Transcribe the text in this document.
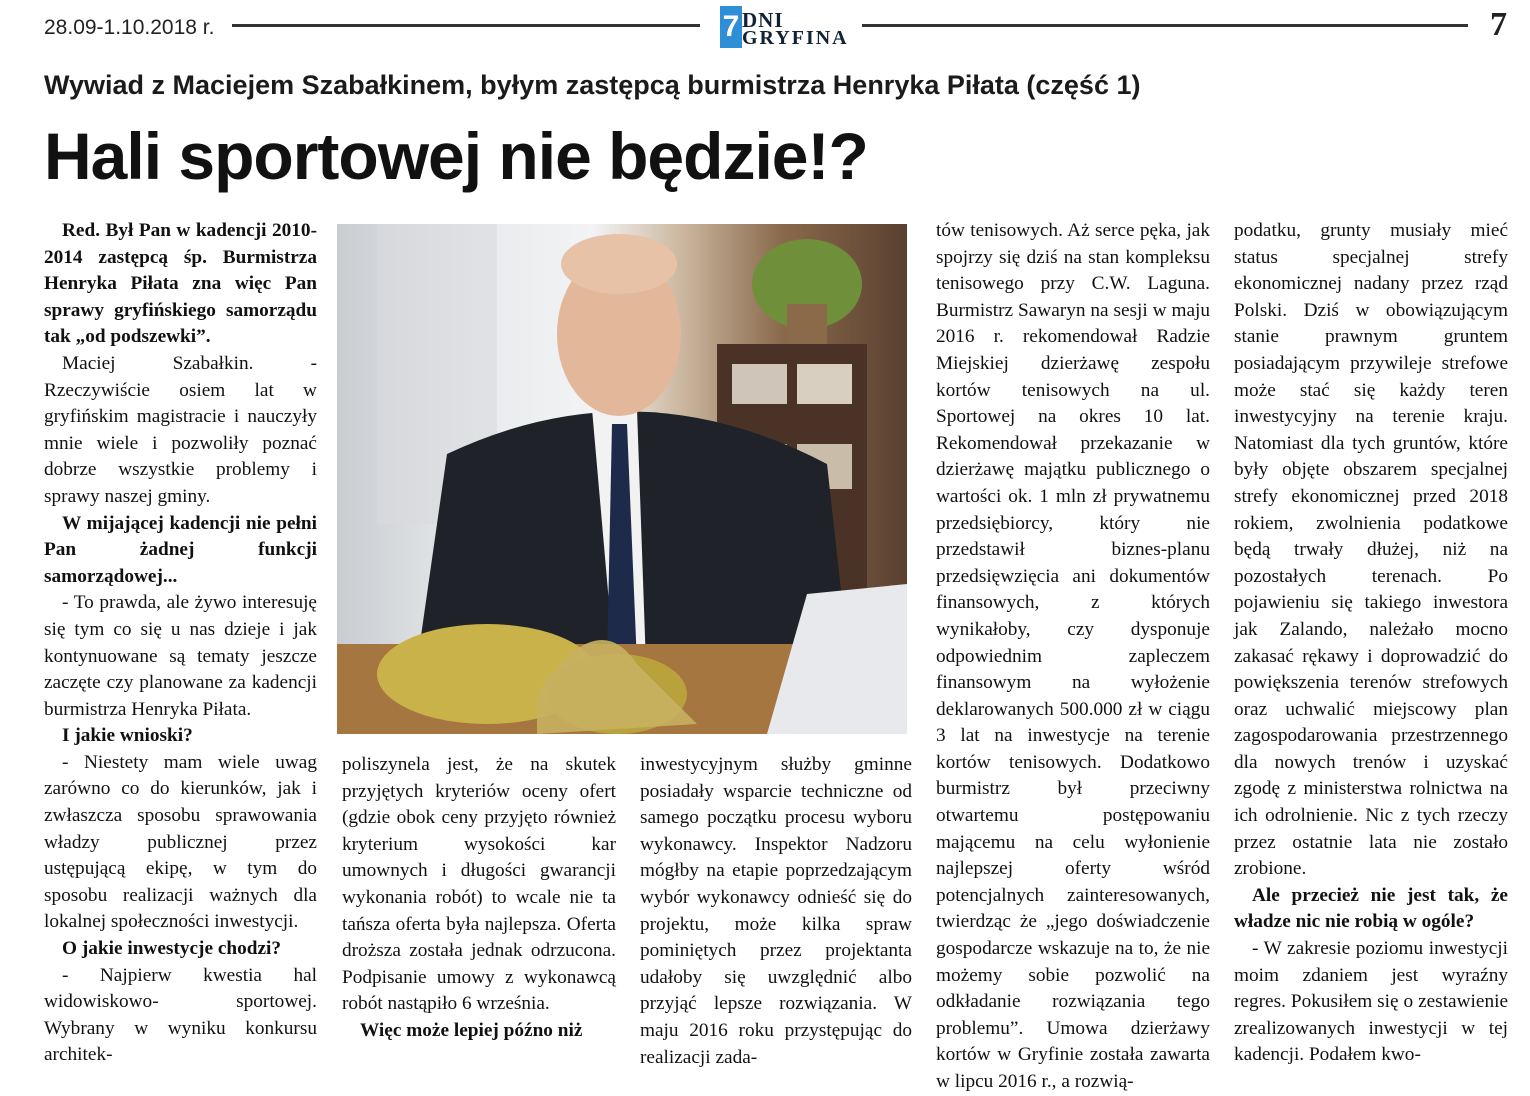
28.09-1.10.2018 r.	7 DNI
GRYFINA	7
Wywiad z Maciejem Szabałkinem, byłym zastępcą burmistrza Henryka Piłata (część 1)
Hali sportowej nie będzie!?

Red. Był Pan w kadencji 2010- 2014 zastępcą śp. Burmistrza Henryka Piłata zna więc Pan sprawy gryfińskiego samorządu tak „od podszewki”.

Maciej Szabałkin. - Rzeczywiście osiem lat w gryfińskim magistracie i nauczyły mnie wiele i pozwoliły poznać dobrze wszystkie problemy i sprawy naszej gminy.

W mijającej kadencji nie pełni Pan żadnej funkcji samorządowej...

- To prawda, ale żywo interesuję się tym co się u nas dzieje i jak kontynuowane są tematy jeszcze zaczęte czy planowane za kadencji burmistrza Henryka Piłata.

I jakie wnioski?

- Niestety mam wiele uwag zarówno co do kierunków, jak i zwłaszcza sposobu sprawowania władzy publicznej przez ustępującą ekipę, w tym do sposobu realizacji ważnych dla lokalnej społeczności inwestycji.

O jakie inwestycje chodzi?

- Najpierw kwestia hal widowiskowo- sportowej. Wybrany w wyniku konkursu architek-

poliszynela jest, że na skutek przyjętych kryteriów oceny ofert (gdzie obok ceny przyjęto również kryterium wysokości kar umownych i długości gwarancji wykonania robót) to wcale nie ta tańsza oferta była najlepsza. Oferta droższa została jednak odrzucona. Podpisanie umowy z wykonawcą robót nastąpiło 6 września.

Więc może lepiej późno niż

inwestycyjnym służby gminne posiadały wsparcie techniczne od samego początku procesu wyboru wykonawcy. Inspektor Nadzoru mógłby na etapie poprzedzającym wybór wykonawcy odnieść się do projektu, może kilka spraw pominiętych przez projektanta udałoby się uwzględnić albo przyjąć lepsze rozwiązania. W maju 2016 roku przystępując do realizacji zada-

tów tenisowych. Aż serce pęka, jak spojrzy się dziś na stan kompleksu tenisowego przy C.W. Laguna. Burmistrz Sawaryn na sesji w maju 2016 r. rekomendował Radzie Miejskiej dzierżawę zespołu kortów tenisowych na ul. Sportowej na okres 10 lat. Rekomendował przekazanie w dzierżawę majątku publicznego o wartości ok. 1 mln zł prywatnemu przedsiębiorcy, który nie przedstawił biznes-planu przedsięwzięcia ani dokumentów finansowych, z których wynikałoby, czy dysponuje odpowiednim zapleczem finansowym na wyłożenie deklarowanych 500.000 zł w ciągu 3 lat na inwestycje na terenie kortów tenisowych. Dodatkowo burmistrz był przeciwny otwartemu postępowaniu mającemu na celu wyłonienie najlepszej oferty wśród potencjalnych zainteresowanych, twierdząc że „jego doświadczenie gospodarcze wskazuje na to, że nie możemy sobie pozwolić na odkładanie rozwiązania tego problemu”. Umowa dzierżawy kortów w Gryfinie została zawarta w lipcu 2016 r., a rozwią-

podatku, grunty musiały mieć status specjalnej strefy ekonomicznej nadany przez rząd Polski. Dziś w obowiązującym stanie prawnym gruntem posiadającym przywileje strefowe może stać się każdy teren inwestycyjny na terenie kraju. Natomiast dla tych gruntów, które były objęte obszarem specjalnej strefy ekonomicznej przed 2018 rokiem, zwolnienia podatkowe będą trwały dłużej, niż na pozostałych terenach. Po pojawieniu się takiego inwestora jak Zalando, należało mocno zakasać rękawy i doprowadzić do powiększenia terenów strefowych oraz uchwalić miejscowy plan zagospodarowania przestrzennego dla nowych trenów i uzyskać zgodę z ministerstwa rolnictwa na ich odrolnienie. Nic z tych rzeczy przez ostatnie lata nie zostało zrobione.

Ale przecież nie jest tak, że władze nic nie robią w ogóle?

- W zakresie poziomu inwestycji moim zdaniem jest wyraźny regres. Pokusiłem się o zestawienie zrealizowanych inwestycji w tej kadencji. Podałem kwo-
